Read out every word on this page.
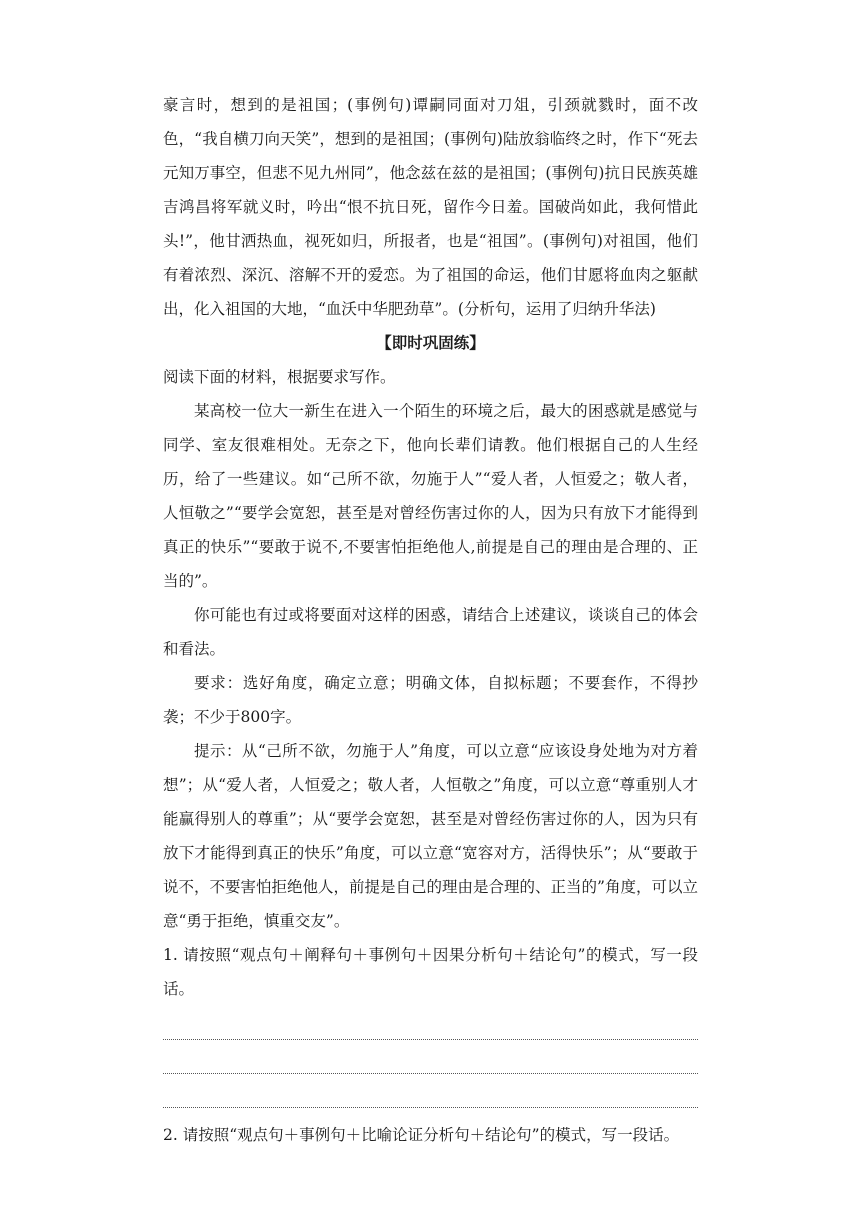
豪言时，想到的是祖国；(事例句)谭嗣同面对刀俎，引颈就戮时，面不改色，“我自横刀向天笑”，想到的是祖国；(事例句)陆放翁临终之时，作下“死去元知万事空，但悲不见九州同”，他念兹在兹的是祖国；(事例句)抗日民族英雄吉鸿昌将军就义时，吟出“恨不抗日死，留作今日羞。国破尚如此，我何惜此头!”，他甘洒热血，视死如归，所报者，也是“祖国”。(事例句)对祖国，他们有着浓烈、深沉、溶解不开的爱恋。为了祖国的命运，他们甘愿将血肉之躯献出，化入祖国的大地，“血沃中华肥劲草”。(分析句，运用了归纳升华法)

【即时巩固练】

阅读下面的材料，根据要求写作。

某高校一位大一新生在进入一个陌生的环境之后，最大的困惑就是感觉与同学、室友很难相处。无奈之下，他向长辈们请教。他们根据自己的人生经历，给了一些建议。如“己所不欲，勿施于人”“爱人者，人恒爱之；敬人者，人恒敬之”“要学会宽恕，甚至是对曾经伤害过你的人，因为只有放下才能得到真正的快乐”“要敢于说不,不要害怕拒绝他人,前提是自己的理由是合理的、正当的”。

你可能也有过或将要面对这样的困惑，请结合上述建议，谈谈自己的体会和看法。

要求：选好角度，确定立意；明确文体，自拟标题；不要套作，不得抄袭；不少于800字。

提示：从“己所不欲，勿施于人”角度，可以立意“应该设身处地为对方着想”；从“爱人者，人恒爱之；敬人者，人恒敬之”角度，可以立意“尊重别人才能赢得别人的尊重”；从“要学会宽恕，甚至是对曾经伤害过你的人，因为只有放下才能得到真正的快乐”角度，可以立意“宽容对方，活得快乐”；从“要敢于说不，不要害怕拒绝他人，前提是自己的理由是合理的、正当的”角度，可以立意“勇于拒绝，慎重交友”。

1. 请按照“观点句＋阐释句＋事例句＋因果分析句＋结论句”的模式，写一段话。

2. 请按照“观点句＋事例句＋比喻论证分析句＋结论句”的模式，写一段话。
